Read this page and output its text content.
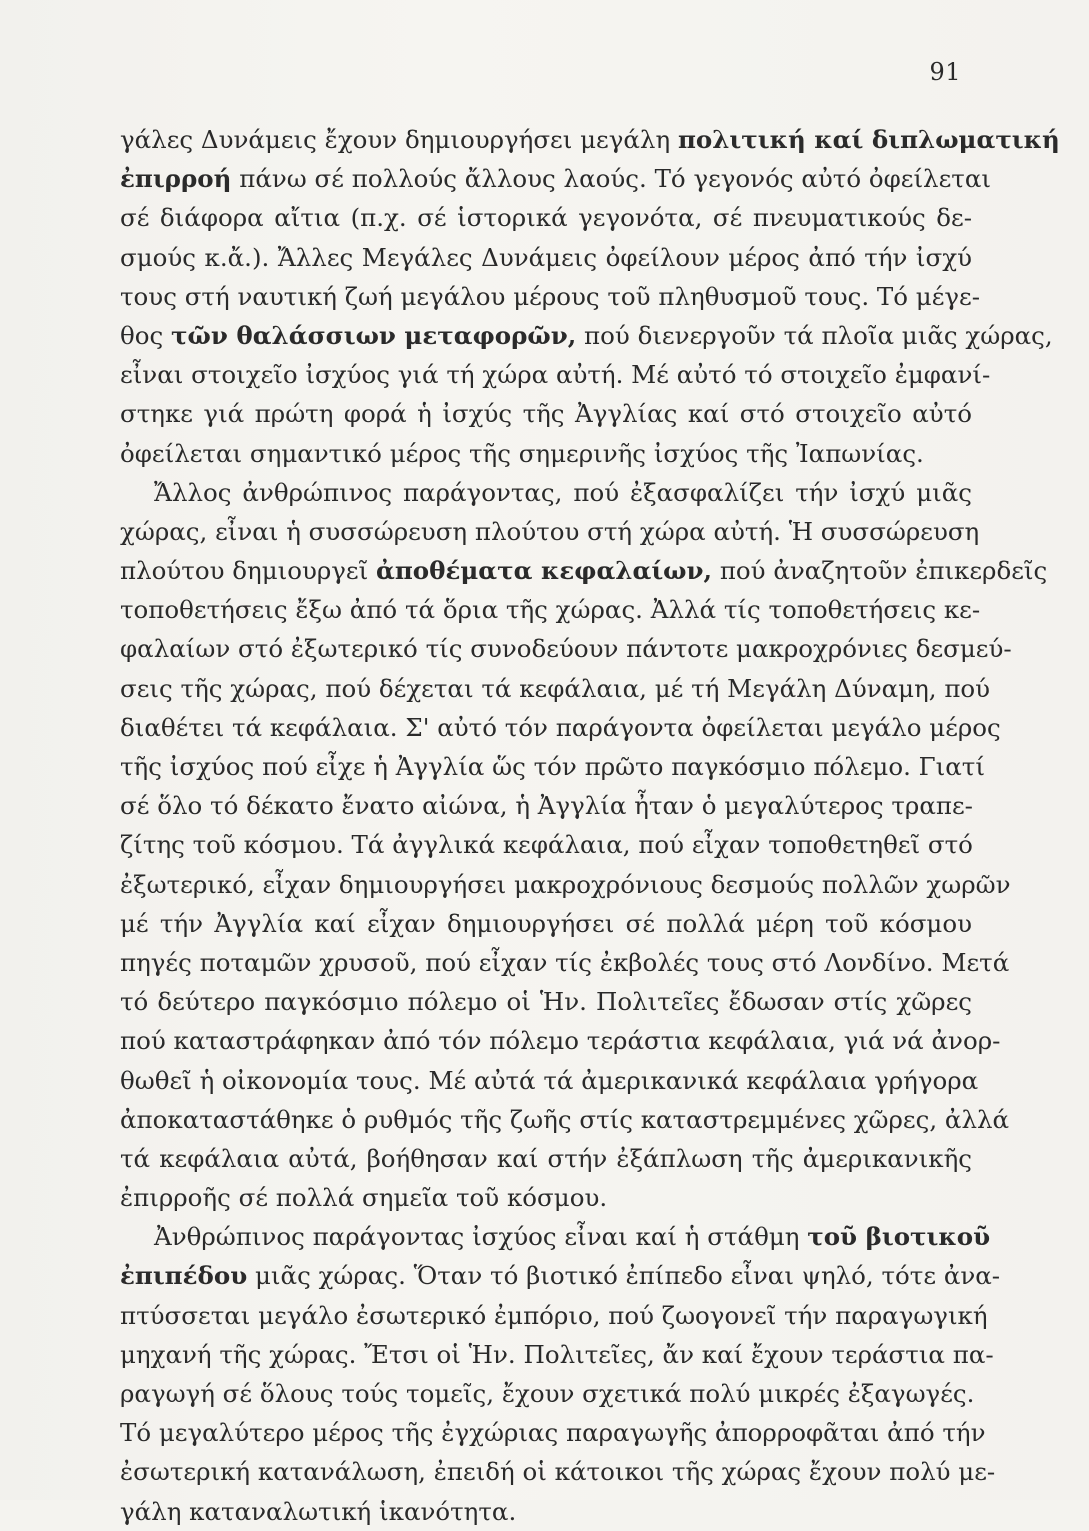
91
γάλες Δυνάμεις ἔχουν δημιουργήσει μεγάλη πολιτική καί διπλωματική
ἐπιρροή πάνω σέ πολλούς ἄλλους λαούς. Τό γεγονός αὐτό ὀφείλεται
σέ διάφορα αἴτια (π.χ. σέ ἱστορικά γεγονότα, σέ πνευματικούς δε-
σμούς κ.ἄ.). Ἄλλες Μεγάλες Δυνάμεις ὀφείλουν μέρος ἀπό τήν ἰσχύ
τους στή ναυτική ζωή μεγάλου μέρους τοῦ πληθυσμοῦ τους. Τό μέγε-
θος τῶν θαλάσσιων μεταφορῶν, πού διενεργοῦν τά πλοῖα μιᾶς χώρας,
εἶναι στοιχεῖο ἰσχύος γιά τή χώρα αὐτή. Μέ αὐτό τό στοιχεῖο ἐμφανί-
στηκε γιά πρώτη φορά ἡ ἰσχύς τῆς Ἀγγλίας καί στό στοιχεῖο αὐτό
ὀφείλεται σημαντικό μέρος τῆς σημερινῆς ἰσχύος τῆς Ἰαπωνίας.
Ἄλλος ἀνθρώπινος παράγοντας, πού ἐξασφαλίζει τήν ἰσχύ μιᾶς
χώρας, εἶναι ἡ συσσώρευση πλούτου στή χώρα αὐτή. Ἡ συσσώρευση
πλούτου δημιουργεῖ ἀποθέματα κεφαλαίων, πού ἀναζητοῦν ἐπικερδεῖς
τοποθετήσεις ἔξω ἀπό τά ὅρια τῆς χώρας. Ἀλλά τίς τοποθετήσεις κε-
φαλαίων στό ἐξωτερικό τίς συνοδεύουν πάντοτε μακροχρόνιες δεσμεύ-
σεις τῆς χώρας, πού δέχεται τά κεφάλαια, μέ τή Μεγάλη Δύναμη, πού
διαθέτει τά κεφάλαια. Σ' αὐτό τόν παράγοντα ὀφείλεται μεγάλο μέρος
τῆς ἰσχύος πού εἶχε ἡ Ἀγγλία ὥς τόν πρῶτο παγκόσμιο πόλεμο. Γιατί
σέ ὅλο τό δέκατο ἔνατο αἰώνα, ἡ Ἀγγλία ἦταν ὁ μεγαλύτερος τραπε-
ζίτης τοῦ κόσμου. Τά ἀγγλικά κεφάλαια, πού εἶχαν τοποθετηθεῖ στό
ἐξωτερικό, εἶχαν δημιουργήσει μακροχρόνιους δεσμούς πολλῶν χωρῶν
μέ τήν Ἀγγλία καί εἶχαν δημιουργήσει σέ πολλά μέρη τοῦ κόσμου
πηγές ποταμῶν χρυσοῦ, πού εἶχαν τίς ἐκβολές τους στό Λονδίνο. Μετά
τό δεύτερο παγκόσμιο πόλεμο οἱ Ἡν. Πολιτεῖες ἔδωσαν στίς χῶρες
πού καταστράφηκαν ἀπό τόν πόλεμο τεράστια κεφάλαια, γιά νά ἀνορ-
θωθεῖ ἡ οἰκονομία τους. Μέ αὐτά τά ἀμερικανικά κεφάλαια γρήγορα
ἀποκαταστάθηκε ὁ ρυθμός τῆς ζωῆς στίς καταστρεμμένες χῶρες, ἀλλά
τά κεφάλαια αὐτά, βοήθησαν καί στήν ἐξάπλωση τῆς ἀμερικανικῆς
ἐπιρροῆς σέ πολλά σημεῖα τοῦ κόσμου.
Ἀνθρώπινος παράγοντας ἰσχύος εἶναι καί ἡ στάθμη τοῦ βιοτικοῦ
ἐπιπέδου μιᾶς χώρας. Ὅταν τό βιοτικό ἐπίπεδο εἶναι ψηλό, τότε ἀνα-
πτύσσεται μεγάλο ἐσωτερικό ἐμπόριο, πού ζωογονεῖ τήν παραγωγική
μηχανή τῆς χώρας. Ἔτσι οἱ Ἡν. Πολιτεῖες, ἄν καί ἔχουν τεράστια πα-
ραγωγή σέ ὅλους τούς τομεῖς, ἔχουν σχετικά πολύ μικρές ἐξαγωγές.
Τό μεγαλύτερο μέρος τῆς ἐγχώριας παραγωγῆς ἀπορροφᾶται ἀπό τήν
ἐσωτερική κατανάλωση, ἐπειδή οἱ κάτοικοι τῆς χώρας ἔχουν πολύ με-
γάλη καταναλωτική ἱκανότητα.
